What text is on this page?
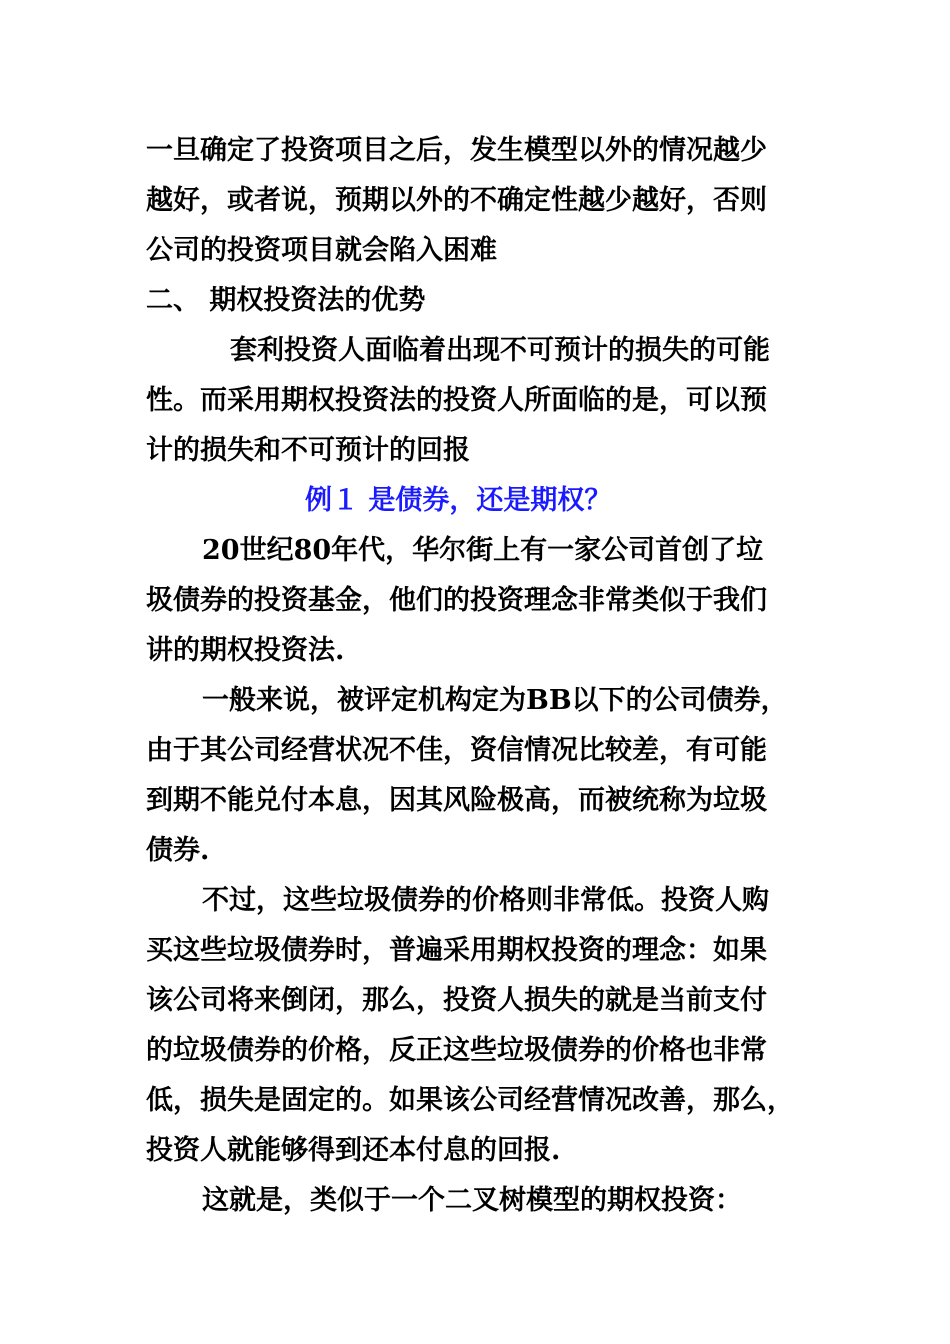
一旦确定了投资项目之后，发生模型以外的情况越少

越好，或者说，预期以外的不确定性越少越好，否则

公司的投资项目就会陷入困难

二、 期权投资法的优势

套利投资人面临着出现不可预计的损失的可能

性。而采用期权投资法的投资人所面临的是，可以预

计的损失和不可预计的回报

例１ 是债券，还是期权？

20世纪80年代，华尔街上有一家公司首创了垃

圾债券的投资基金，他们的投资理念非常类似于我们

讲的期权投资法.

一般来说，被评定机构定为BB以下的公司债券，

由于其公司经营状况不佳，资信情况比较差，有可能

到期不能兑付本息，因其风险极高，而被统称为垃圾

债券.

不过，这些垃圾债券的价格则非常低。投资人购

买这些垃圾债券时，普遍采用期权投资的理念：如果

该公司将来倒闭，那么，投资人损失的就是当前支付

的垃圾债券的价格，反正这些垃圾债券的价格也非常

低，损失是固定的。如果该公司经营情况改善，那么，

投资人就能够得到还本付息的回报.

这就是，类似于一个二叉树模型的期权投资：
